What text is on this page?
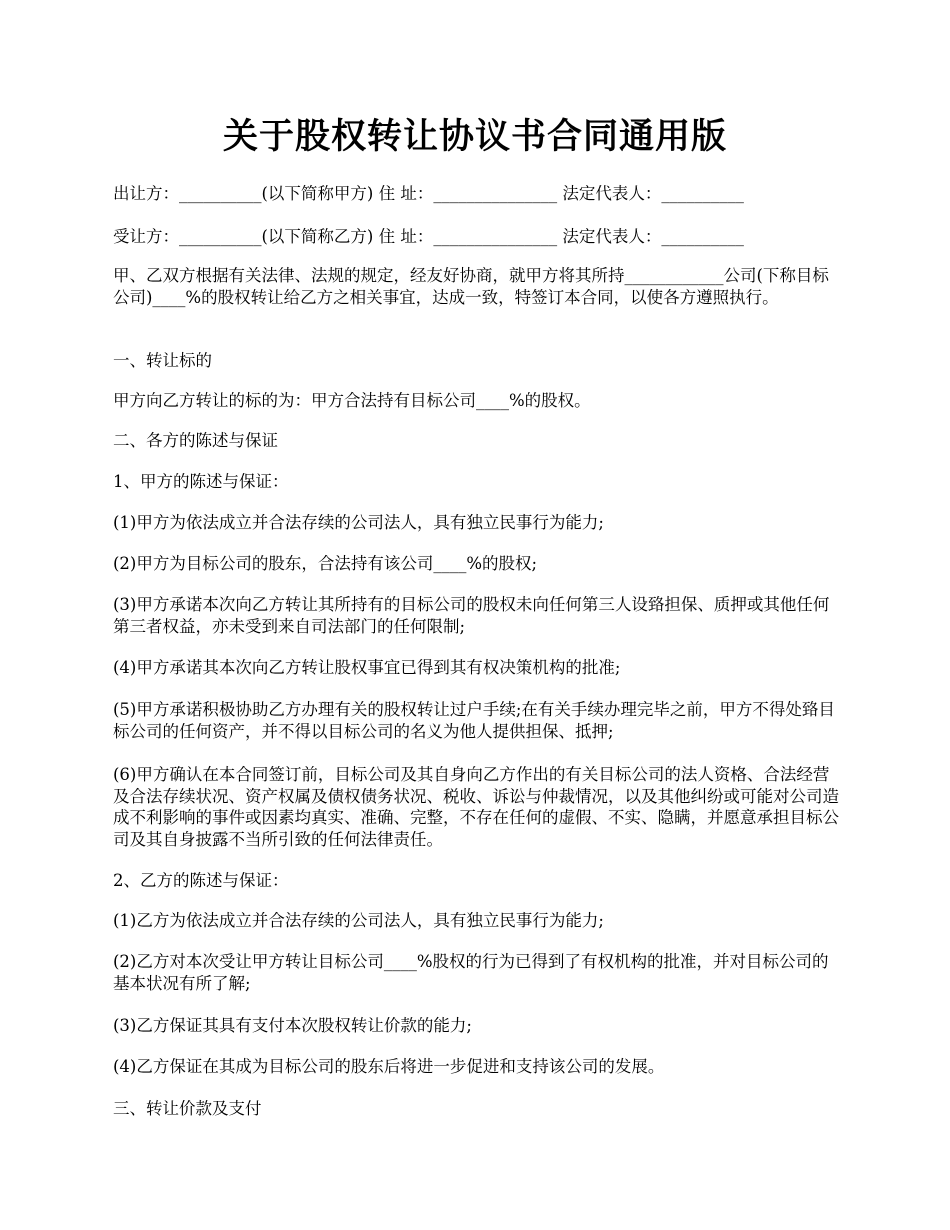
关于股权转让协议书合同通用版

出让方：__________(以下简称甲方) 住 址：_______________ 法定代表人：__________

受让方：__________(以下简称乙方) 住 址：_______________ 法定代表人：__________

甲、乙双方根据有关法律、法规的规定，经友好协商，就甲方将其所持____________公司(下称目标公司)____%的股权转让给乙方之相关事宜，达成一致，特签订本合同，以使各方遵照执行。

一、转让标的

甲方向乙方转让的标的为：甲方合法持有目标公司____%的股权。

二、各方的陈述与保证

1、甲方的陈述与保证：

(1)甲方为依法成立并合法存续的公司法人，具有独立民事行为能力;

(2)甲方为目标公司的股东，合法持有该公司____%的股权;

(3)甲方承诺本次向乙方转让其所持有的目标公司的股权未向任何第三人设臵担保、质押或其他任何第三者权益，亦未受到来自司法部门的任何限制;

(4)甲方承诺其本次向乙方转让股权事宜已得到其有权决策机构的批准;

(5)甲方承诺积极协助乙方办理有关的股权转让过户手续;在有关手续办理完毕之前，甲方不得处臵目标公司的任何资产，并不得以目标公司的名义为他人提供担保、抵押;

(6)甲方确认在本合同签订前，目标公司及其自身向乙方作出的有关目标公司的法人资格、合法经营及合法存续状况、资产权属及债权债务状况、税收、诉讼与仲裁情况，以及其他纠纷或可能对公司造成不利影响的事件或因素均真实、准确、完整，不存在任何的虚假、不实、隐瞒，并愿意承担目标公司及其自身披露不当所引致的任何法律责任。

2、乙方的陈述与保证：

(1)乙方为依法成立并合法存续的公司法人，具有独立民事行为能力;

(2)乙方对本次受让甲方转让目标公司____%股权的行为已得到了有权机构的批准，并对目标公司的基本状况有所了解;

(3)乙方保证其具有支付本次股权转让价款的能力;

(4)乙方保证在其成为目标公司的股东后将进一步促进和支持该公司的发展。

三、转让价款及支付
